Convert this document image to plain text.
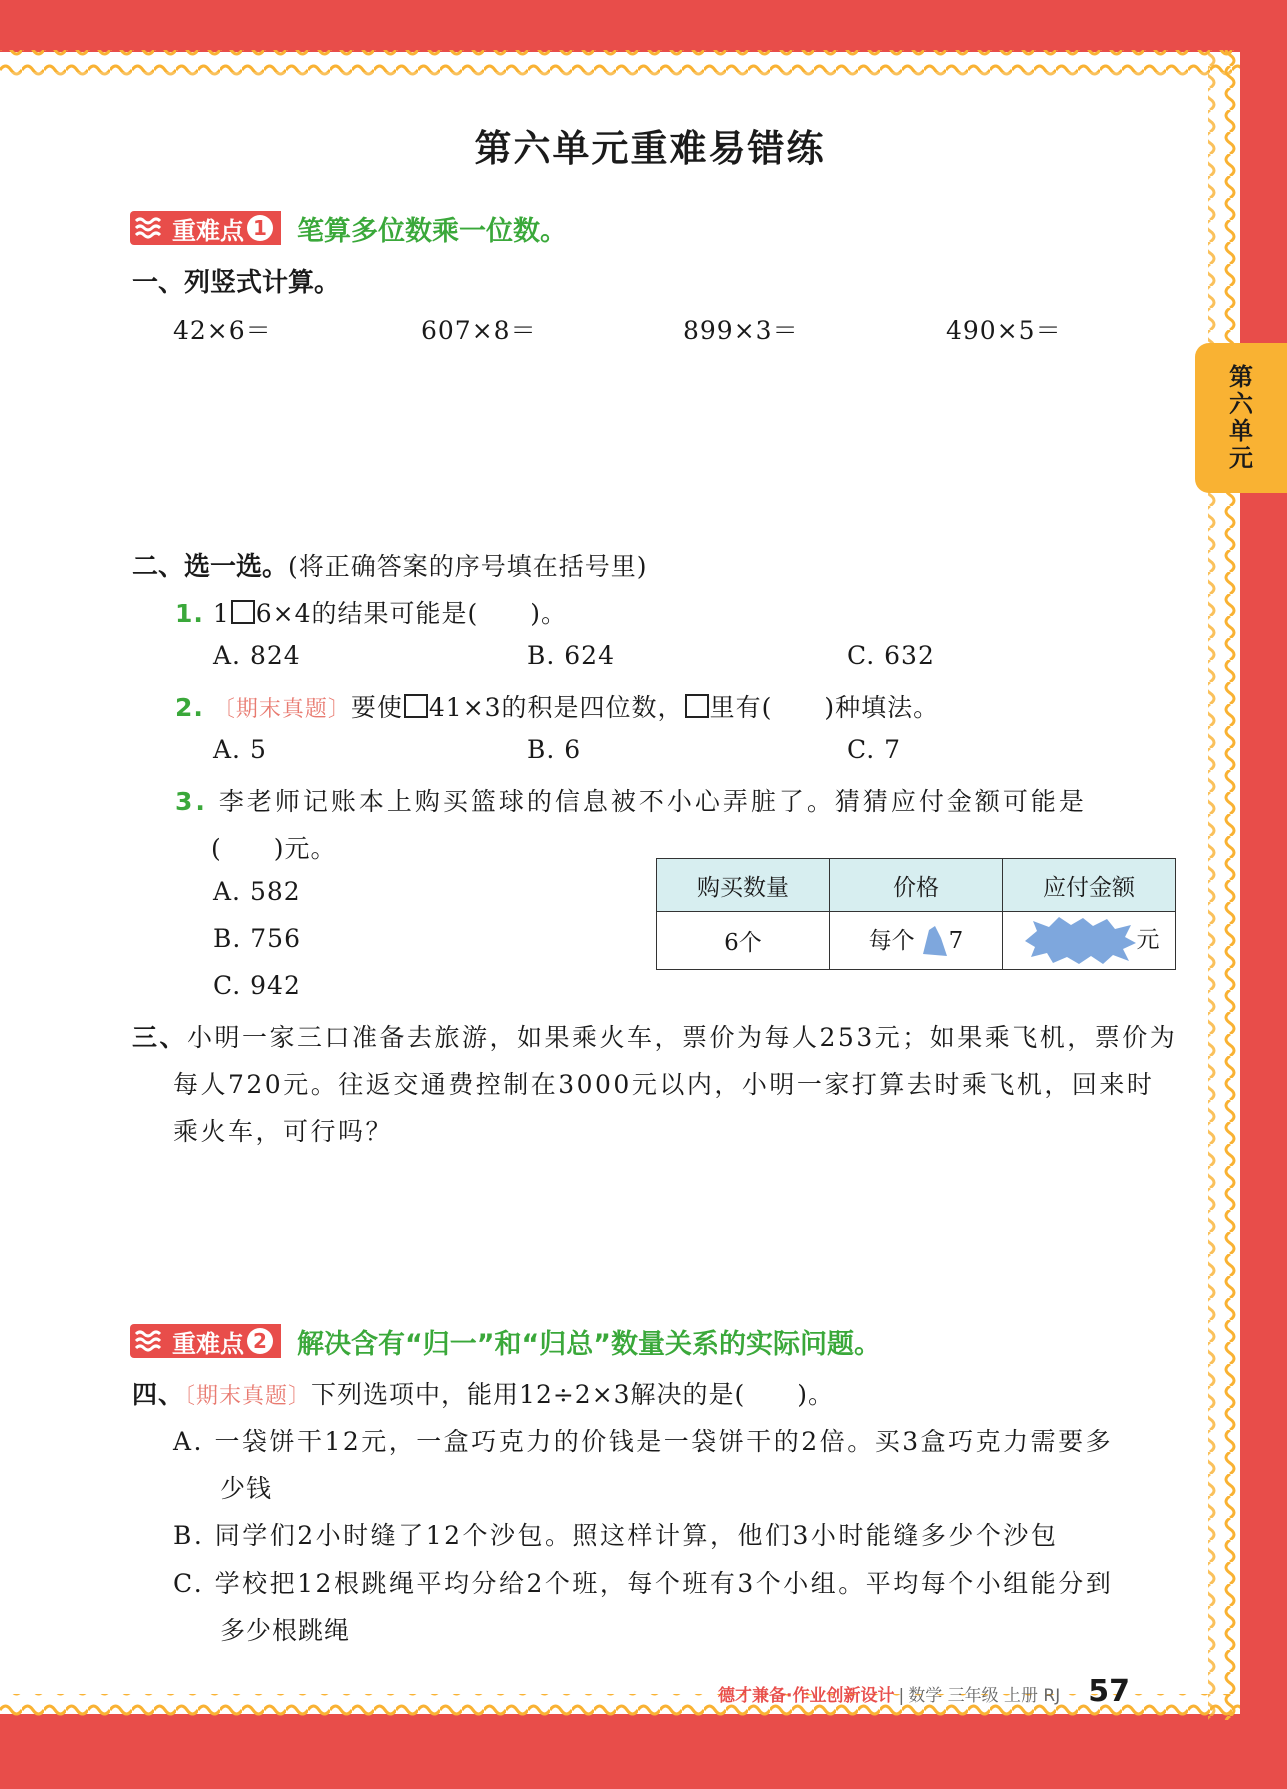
第
六
单
元
第六单元重难易错练
重难点 1 笔算多位数乘一位数。
一、列竖式计算。
42×6＝	607×8＝	899×3＝	490×5＝
二、选一选。(将正确答案的序号填在括号里)
1. 1 6×4的结果可能是(　　)。
A. 824	B. 624	C. 632
2. 〔期末真题〕要使 41×3的积是四位数， 里有(　　)种填法。
A. 5	B. 6	C. 7
3. 李老师记账本上购买篮球的信息被不小心弄脏了。猜猜应付金额可能是
(　　)元。
A. 582
B. 756
C. 942
购买数量	价格	应付金额
6个	每个 7	元
三、小明一家三口准备去旅游，如果乘火车，票价为每人253元；如果乘飞机，票价为
每人720元。往返交通费控制在3000元以内，小明一家打算去时乘飞机，回来时
乘火车，可行吗？
重难点 2 解决含有“归一”和“归总”数量关系的实际问题。
四、〔期末真题〕下列选项中，能用12÷2×3解决的是(　　)。
A. 一袋饼干12元，一盒巧克力的价钱是一袋饼干的2倍。买3盒巧克力需要多
少钱
B. 同学们2小时缝了12个沙包。照这样计算，他们3小时能缝多少个沙包
C. 学校把12根跳绳平均分给2个班，每个班有3个小组。平均每个小组能分到
多少根跳绳
德才兼备·作业创新设计 | 数学 三年级 上册 RJ 57
